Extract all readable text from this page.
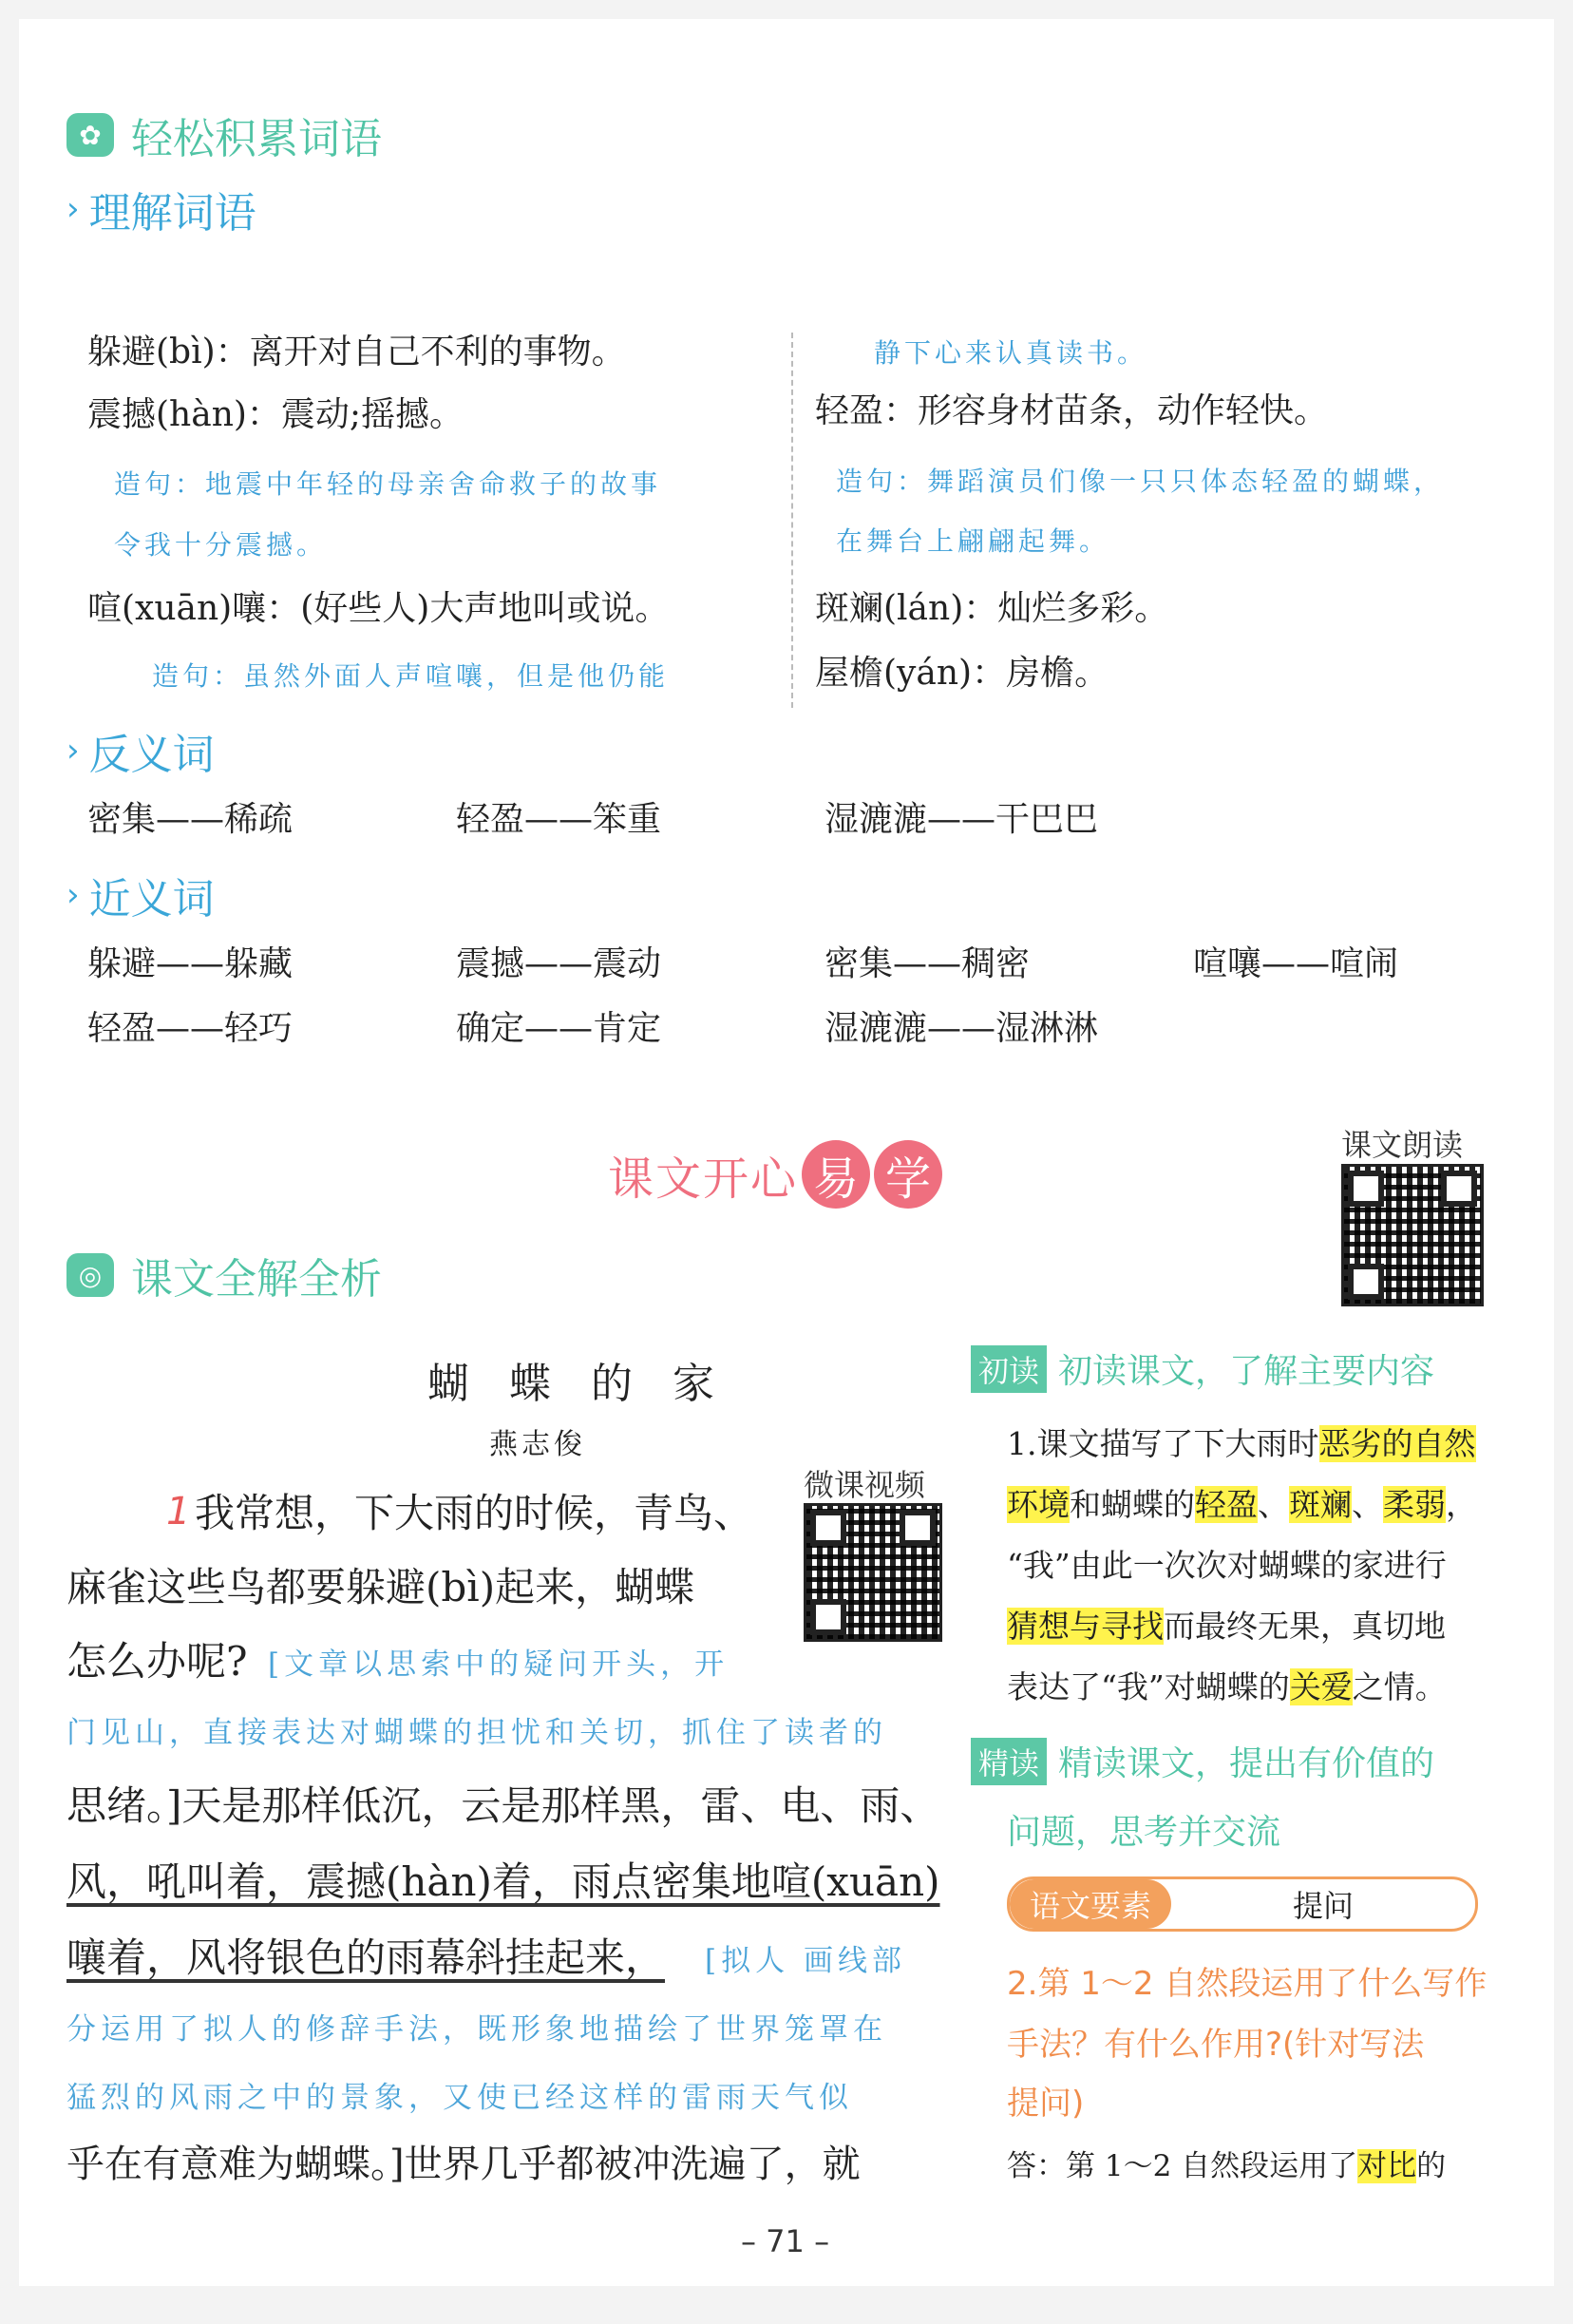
✿ 轻松积累词语
› 理解词语
躲避(bì)：离开对自己不利的事物。
震撼(hàn)：震动;摇撼。
造句：地震中年轻的母亲舍命救子的故事
令我十分震撼。
喧(xuān)嚷：(好些人)大声地叫或说。
造句：虽然外面人声喧嚷，但是他仍能
静下心来认真读书。
轻盈：形容身材苗条，动作轻快。
造句：舞蹈演员们像一只只体态轻盈的蝴蝶，
在舞台上翩翩起舞。
斑斓(lán)：灿烂多彩。
屋檐(yán)：房檐。
› 反义词
密集——稀疏	轻盈——笨重	湿漉漉——干巴巴
› 近义词
躲避——躲藏	震撼——震动	密集——稠密	喧嚷——喧闹
轻盈——轻巧	确定——肯定	湿漉漉——湿淋淋
课文开心 易 学
课文朗读
◎ 课文全解全析
蝴 蝶 的 家
燕志俊
微课视频
1 我常想，下大雨的时候，青鸟、
麻雀这些鸟都要躲避(bì)起来，蝴蝶
怎么办呢? [文章以思索中的疑问开头，开
门见山，直接表达对蝴蝶的担忧和关切，抓住了读者的
思绪。]天是那样低沉，云是那样黑，雷、电、雨、
风，吼叫着，震撼(hàn)着，雨点密集地喧(xuān)
嚷着，风将银色的雨幕斜挂起来， [拟人 画线部
分运用了拟人的修辞手法，既形象地描绘了世界笼罩在
猛烈的风雨之中的景象，又使已经这样的雷雨天气似
乎在有意难为蝴蝶。]世界几乎都被冲洗遍了，就
初读 初读课文，了解主要内容
1.课文描写了下大雨时恶劣的自然
环境和蝴蝶的轻盈、斑斓、柔弱，
“我”由此一次次对蝴蝶的家进行
猜想与寻找而最终无果，真切地
表达了“我”对蝴蝶的关爱之情。
精读 精读课文，提出有价值的
问题，思考并交流
语文要素	提问
2.第 1～2 自然段运用了什么写作
手法？有什么作用?(针对写法
提问)
答：第 1～2 自然段运用了对比的
– 71 –
